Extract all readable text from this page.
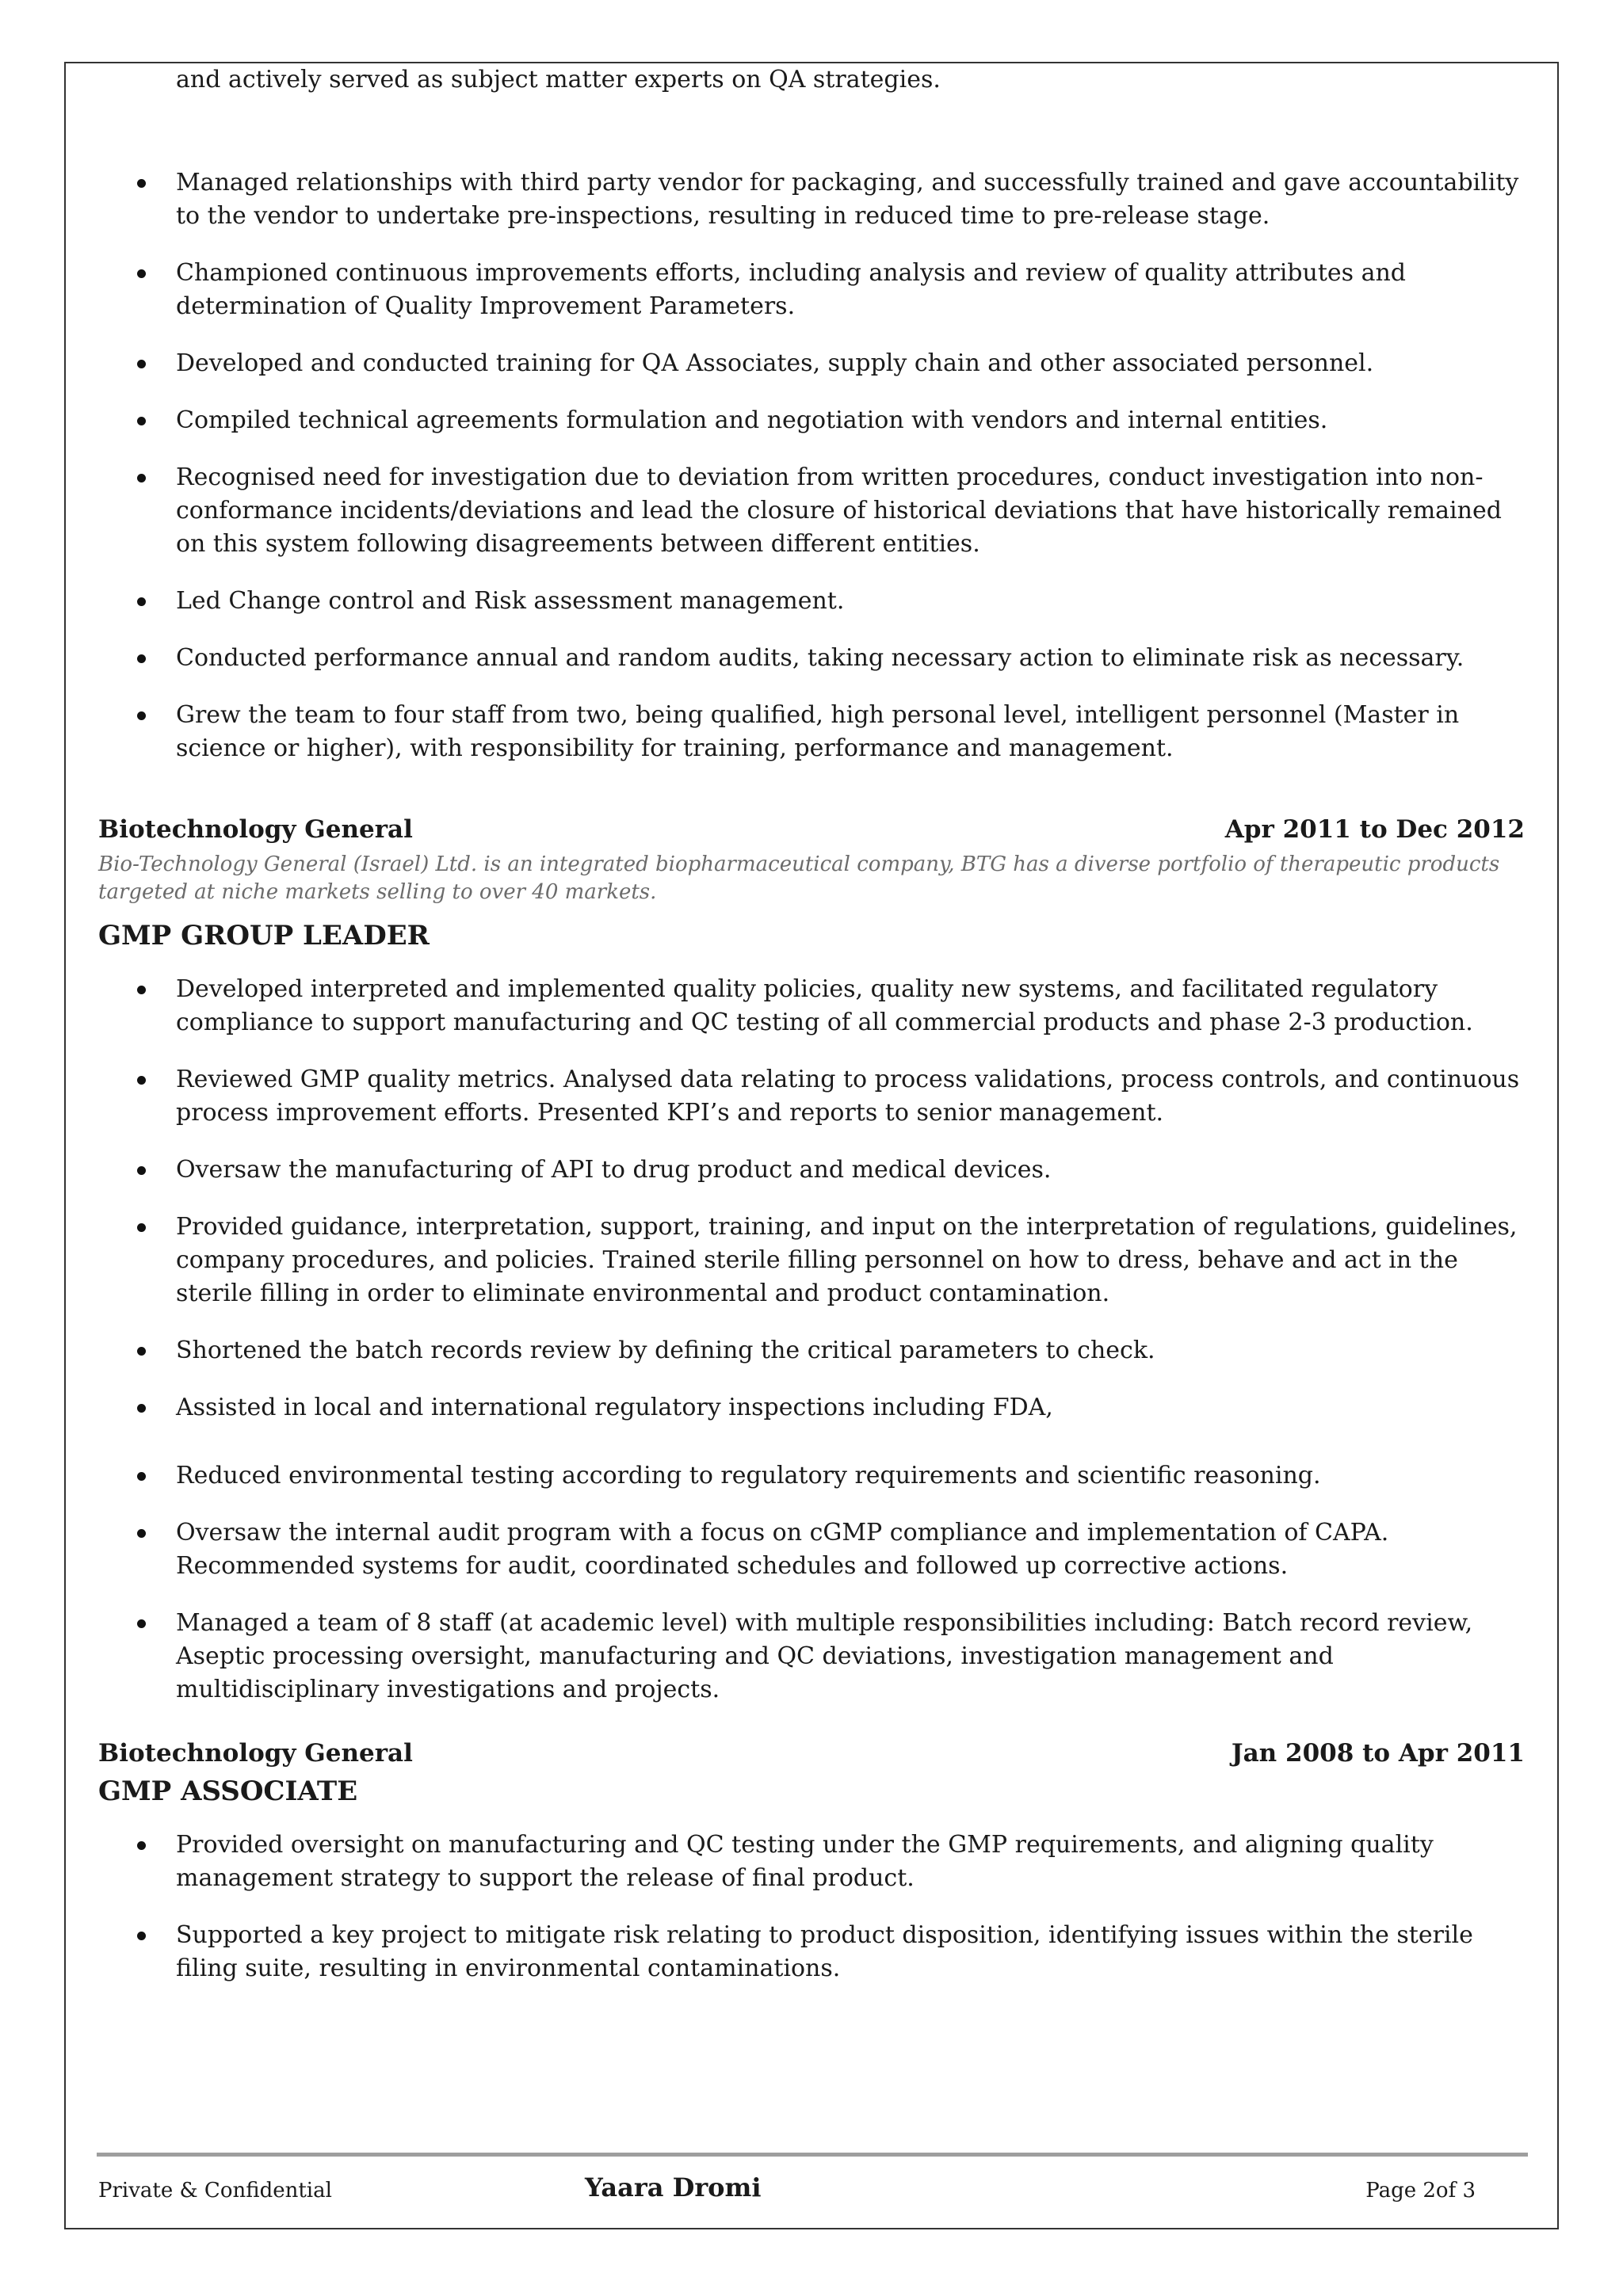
and actively served as subject matter experts on QA strategies.
Managed relationships with third party vendor for packaging, and successfully trained and gave accountability to the vendor to undertake pre-inspections, resulting in reduced time to pre-release stage.
Championed continuous improvements efforts, including analysis and review of quality attributes and determination of Quality Improvement Parameters.
Developed and conducted training for QA Associates, supply chain and other associated personnel.
Compiled technical agreements formulation and negotiation with vendors and internal entities.
Recognised need for investigation due to deviation from written procedures, conduct investigation into non-conformance incidents/deviations and lead the closure of historical deviations that have historically remained on this system following disagreements between different entities.
Led Change control and Risk assessment management.
Conducted performance annual and random audits, taking necessary action to eliminate risk as necessary.
Grew the team to four staff from two, being qualified, high personal level, intelligent personnel (Master in science or higher), with responsibility for training, performance and management.
Biotechnology General	Apr 2011 to Dec 2012
Bio-Technology General (Israel) Ltd. is an integrated biopharmaceutical company, BTG has a diverse portfolio of therapeutic products targeted at niche markets selling to over 40 markets.
GMP GROUP LEADER
Developed interpreted and implemented quality policies, quality new systems, and facilitated regulatory compliance to support manufacturing and QC testing of all commercial products and phase 2-3 production.
Reviewed GMP quality metrics. Analysed data relating to process validations, process controls, and continuous process improvement efforts. Presented KPI’s and reports to senior management.
Oversaw the manufacturing of API to drug product and medical devices.
Provided guidance, interpretation, support, training, and input on the interpretation of regulations, guidelines, company procedures, and policies. Trained sterile filling personnel on how to dress, behave and act in the sterile filling in order to eliminate environmental and product contamination.
Shortened the batch records review by defining the critical parameters to check.
Assisted in local and international regulatory inspections including FDA,
Reduced environmental testing according to regulatory requirements and scientific reasoning.
Oversaw the internal audit program with a focus on cGMP compliance and implementation of CAPA. Recommended systems for audit, coordinated schedules and followed up corrective actions.
Managed a team of 8 staff (at academic level) with multiple responsibilities including: Batch record review, Aseptic processing oversight, manufacturing and QC deviations, investigation management and multidisciplinary investigations and projects.
Biotechnology General	Jan 2008 to Apr 2011
GMP ASSOCIATE
Provided oversight on manufacturing and QC testing under the GMP requirements, and aligning quality management strategy to support the release of final product.
Supported a key project to mitigate risk relating to product disposition, identifying issues within the sterile filing suite, resulting in environmental contaminations.
Private & Confidential	Yaara Dromi	Page 2of 3
